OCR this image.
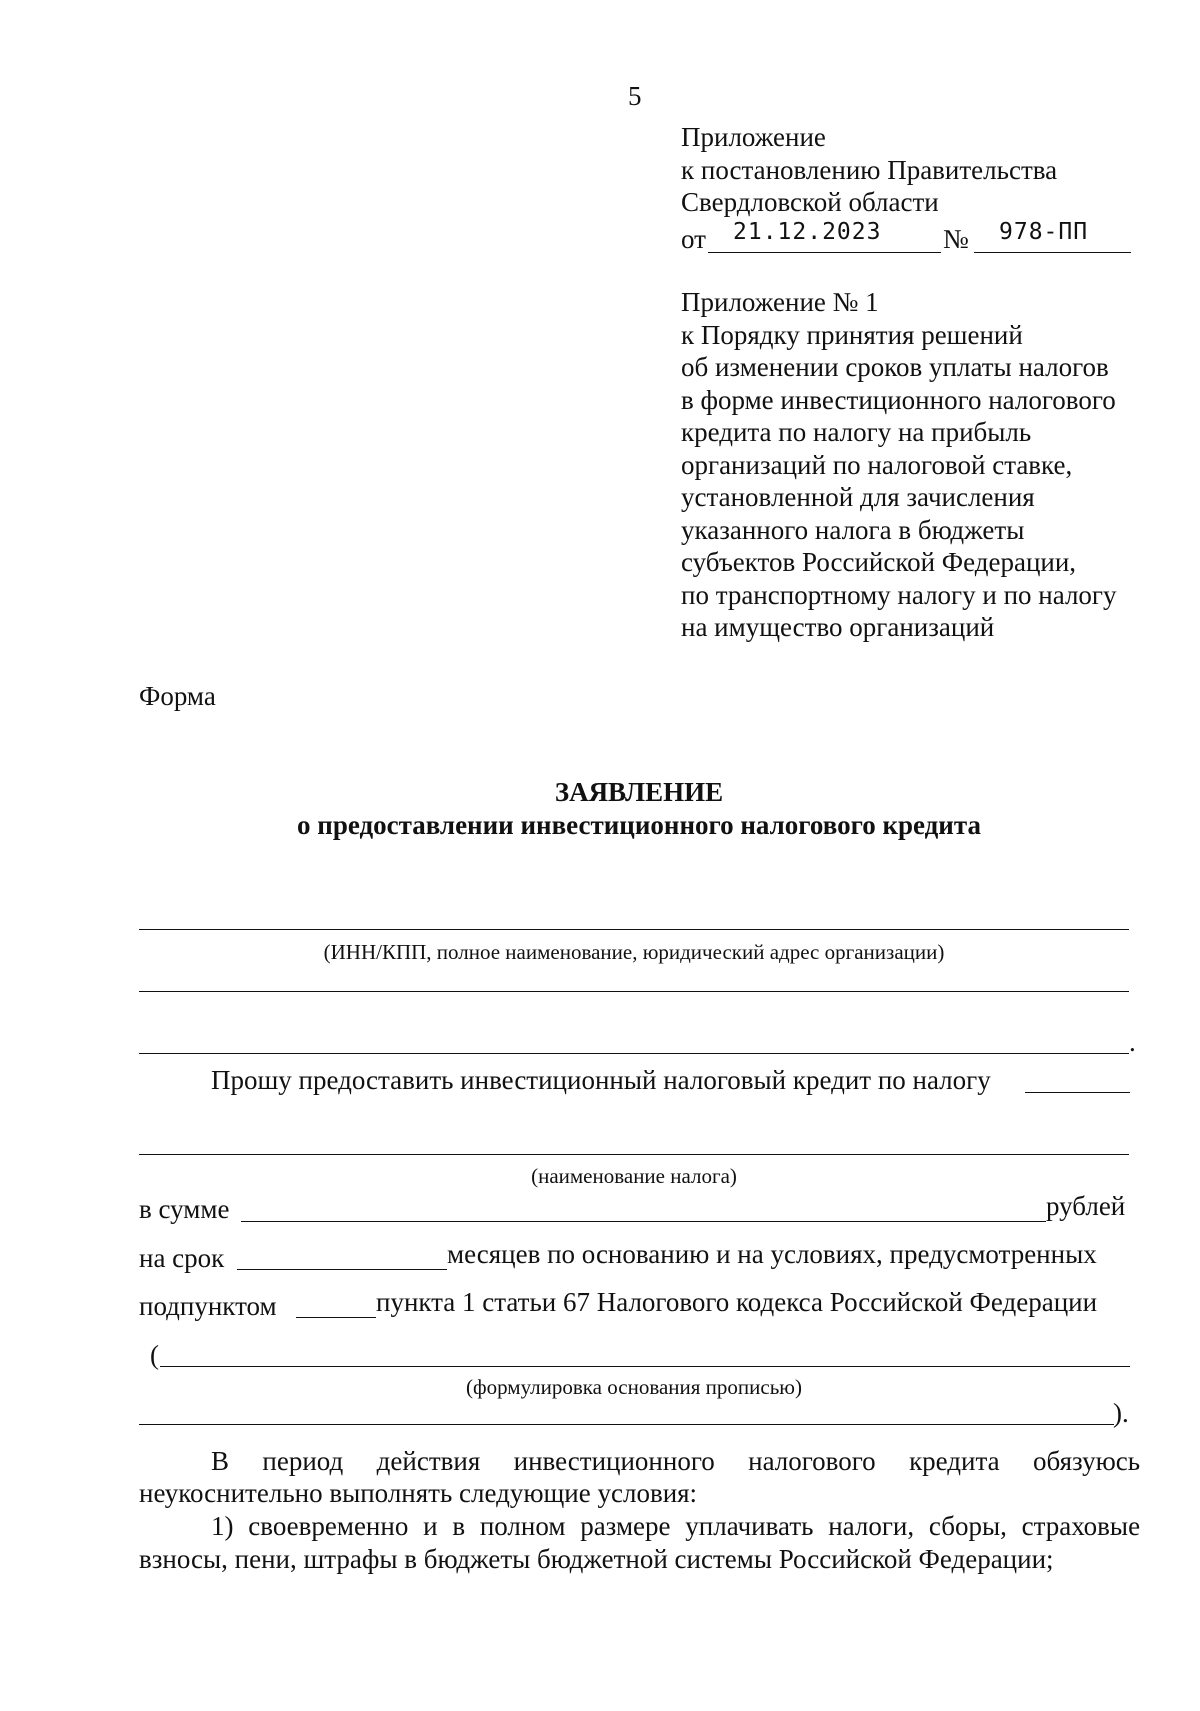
5
Приложение
к постановлению Правительства
Свердловской области
от 21.12.2023 № 978-ПП
Приложение № 1
к Порядку принятия решений
об изменении сроков уплаты налогов
в форме инвестиционного налогового
кредита по налогу на прибыль
организаций по налоговой ставке,
установленной для зачисления
указанного налога в бюджеты
субъектов Российской Федерации,
по транспортному налогу и по налогу
на имущество организаций
Форма
ЗАЯВЛЕНИЕ
о предоставлении инвестиционного налогового кредита
(ИНН/КПП, полное наименование, юридический адрес организации)
.
Прошу предоставить инвестиционный налоговый кредит по налогу
(наименование налога)
в сумме	рублей
на срок	месяцев по основанию и на условиях, предусмотренных
подпунктом	пункта 1 статьи 67 Налогового кодекса Российской Федерации
(
(формулировка основания прописью)
).
В период действия инвестиционного налогового кредита обязуюсь
неукоснительно выполнять следующие условия:
1) своевременно и в полном размере уплачивать налоги, сборы, страховые
взносы, пени, штрафы в бюджеты бюджетной системы Российской Федерации;
